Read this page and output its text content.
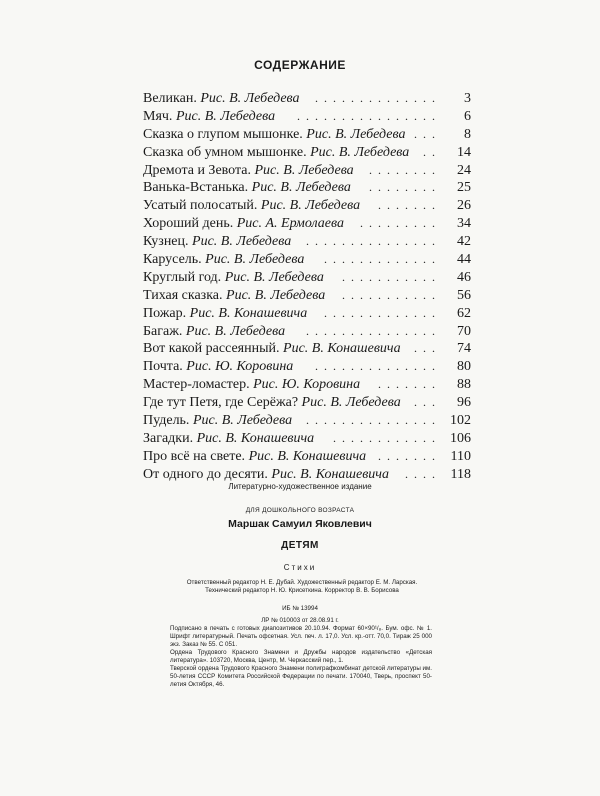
СОДЕРЖАНИЕ
Великан. Рис. В. Лебедева	3
..............
Мяч. Рис. В. Лебедева	6
................
Сказка о глупом мышонке. Рис. В. Лебедева	8
...
Сказка об умном мышонке. Рис. В. Лебедева	14
..
Дремота и Зевота. Рис. В. Лебедева	24
........
Ванька-Встанька. Рис. В. Лебедева	25
........
Усатый полосатый. Рис. В. Лебедева	26
.......
Хороший день. Рис. А. Ермолаева	34
.........
Кузнец. Рис. В. Лебедева	42
...............
Карусель. Рис. В. Лебедева	44
.............
Круглый год. Рис. В. Лебедева	46
...........
Тихая сказка. Рис. В. Лебедева	56
...........
Пожар. Рис. В. Конашевича	62
.............
Багаж. Рис. В. Лебедева	70
...............
Вот какой рассеянный. Рис. В. Конашевича	74
...
Почта. Рис. Ю. Коровина	80
..............
Мастер-ломастер. Рис. Ю. Коровина	88
.......
Где тут Петя, где Серёжа? Рис. В. Лебедева	96
...
Пудель. Рис. В. Лебедева	102
...............
Загадки. Рис. В. Конашевича	106
............
Про всё на свете. Рис. В. Конашевича	110
.......
От одного до десяти. Рис. В. Конашевича	118
....
Литературно-художественное издание
ДЛЯ ДОШКОЛЬНОГО ВОЗРАСТА
Маршак Самуил Яковлевич
ДЕТЯМ
Стихи
Ответственный редактор Н. Е. Дубай. Художественный редактор Е. М. Ларская.
Технический редактор Н. Ю. Крисеткина. Корректор В. В. Борисова
ИБ № 13994
ЛР № 010003 от 28.08.91 г.

Подписано в печать с готовых диапозитивов 20.10.94. Формат 60×90¹/₈. Бум. офс. № 1. Шрифт литературный. Печать офсетная. Усл. печ. л. 17,0. Усл. кр.-отт. 70,0. Тираж 25 000 экз. Заказ № 55. С 051.

Ордена Трудового Красного Знамени и Дружбы народов издательство «Детская литература». 103720, Москва, Центр, М. Черкасский пер., 1.

Тверской ордена Трудового Красного Знамени полиграфкомбинат детской литературы им. 50-летия СССР Комитета Российской Федерации по печати. 170040, Тверь, проспект 50-летия Октября, 46.
